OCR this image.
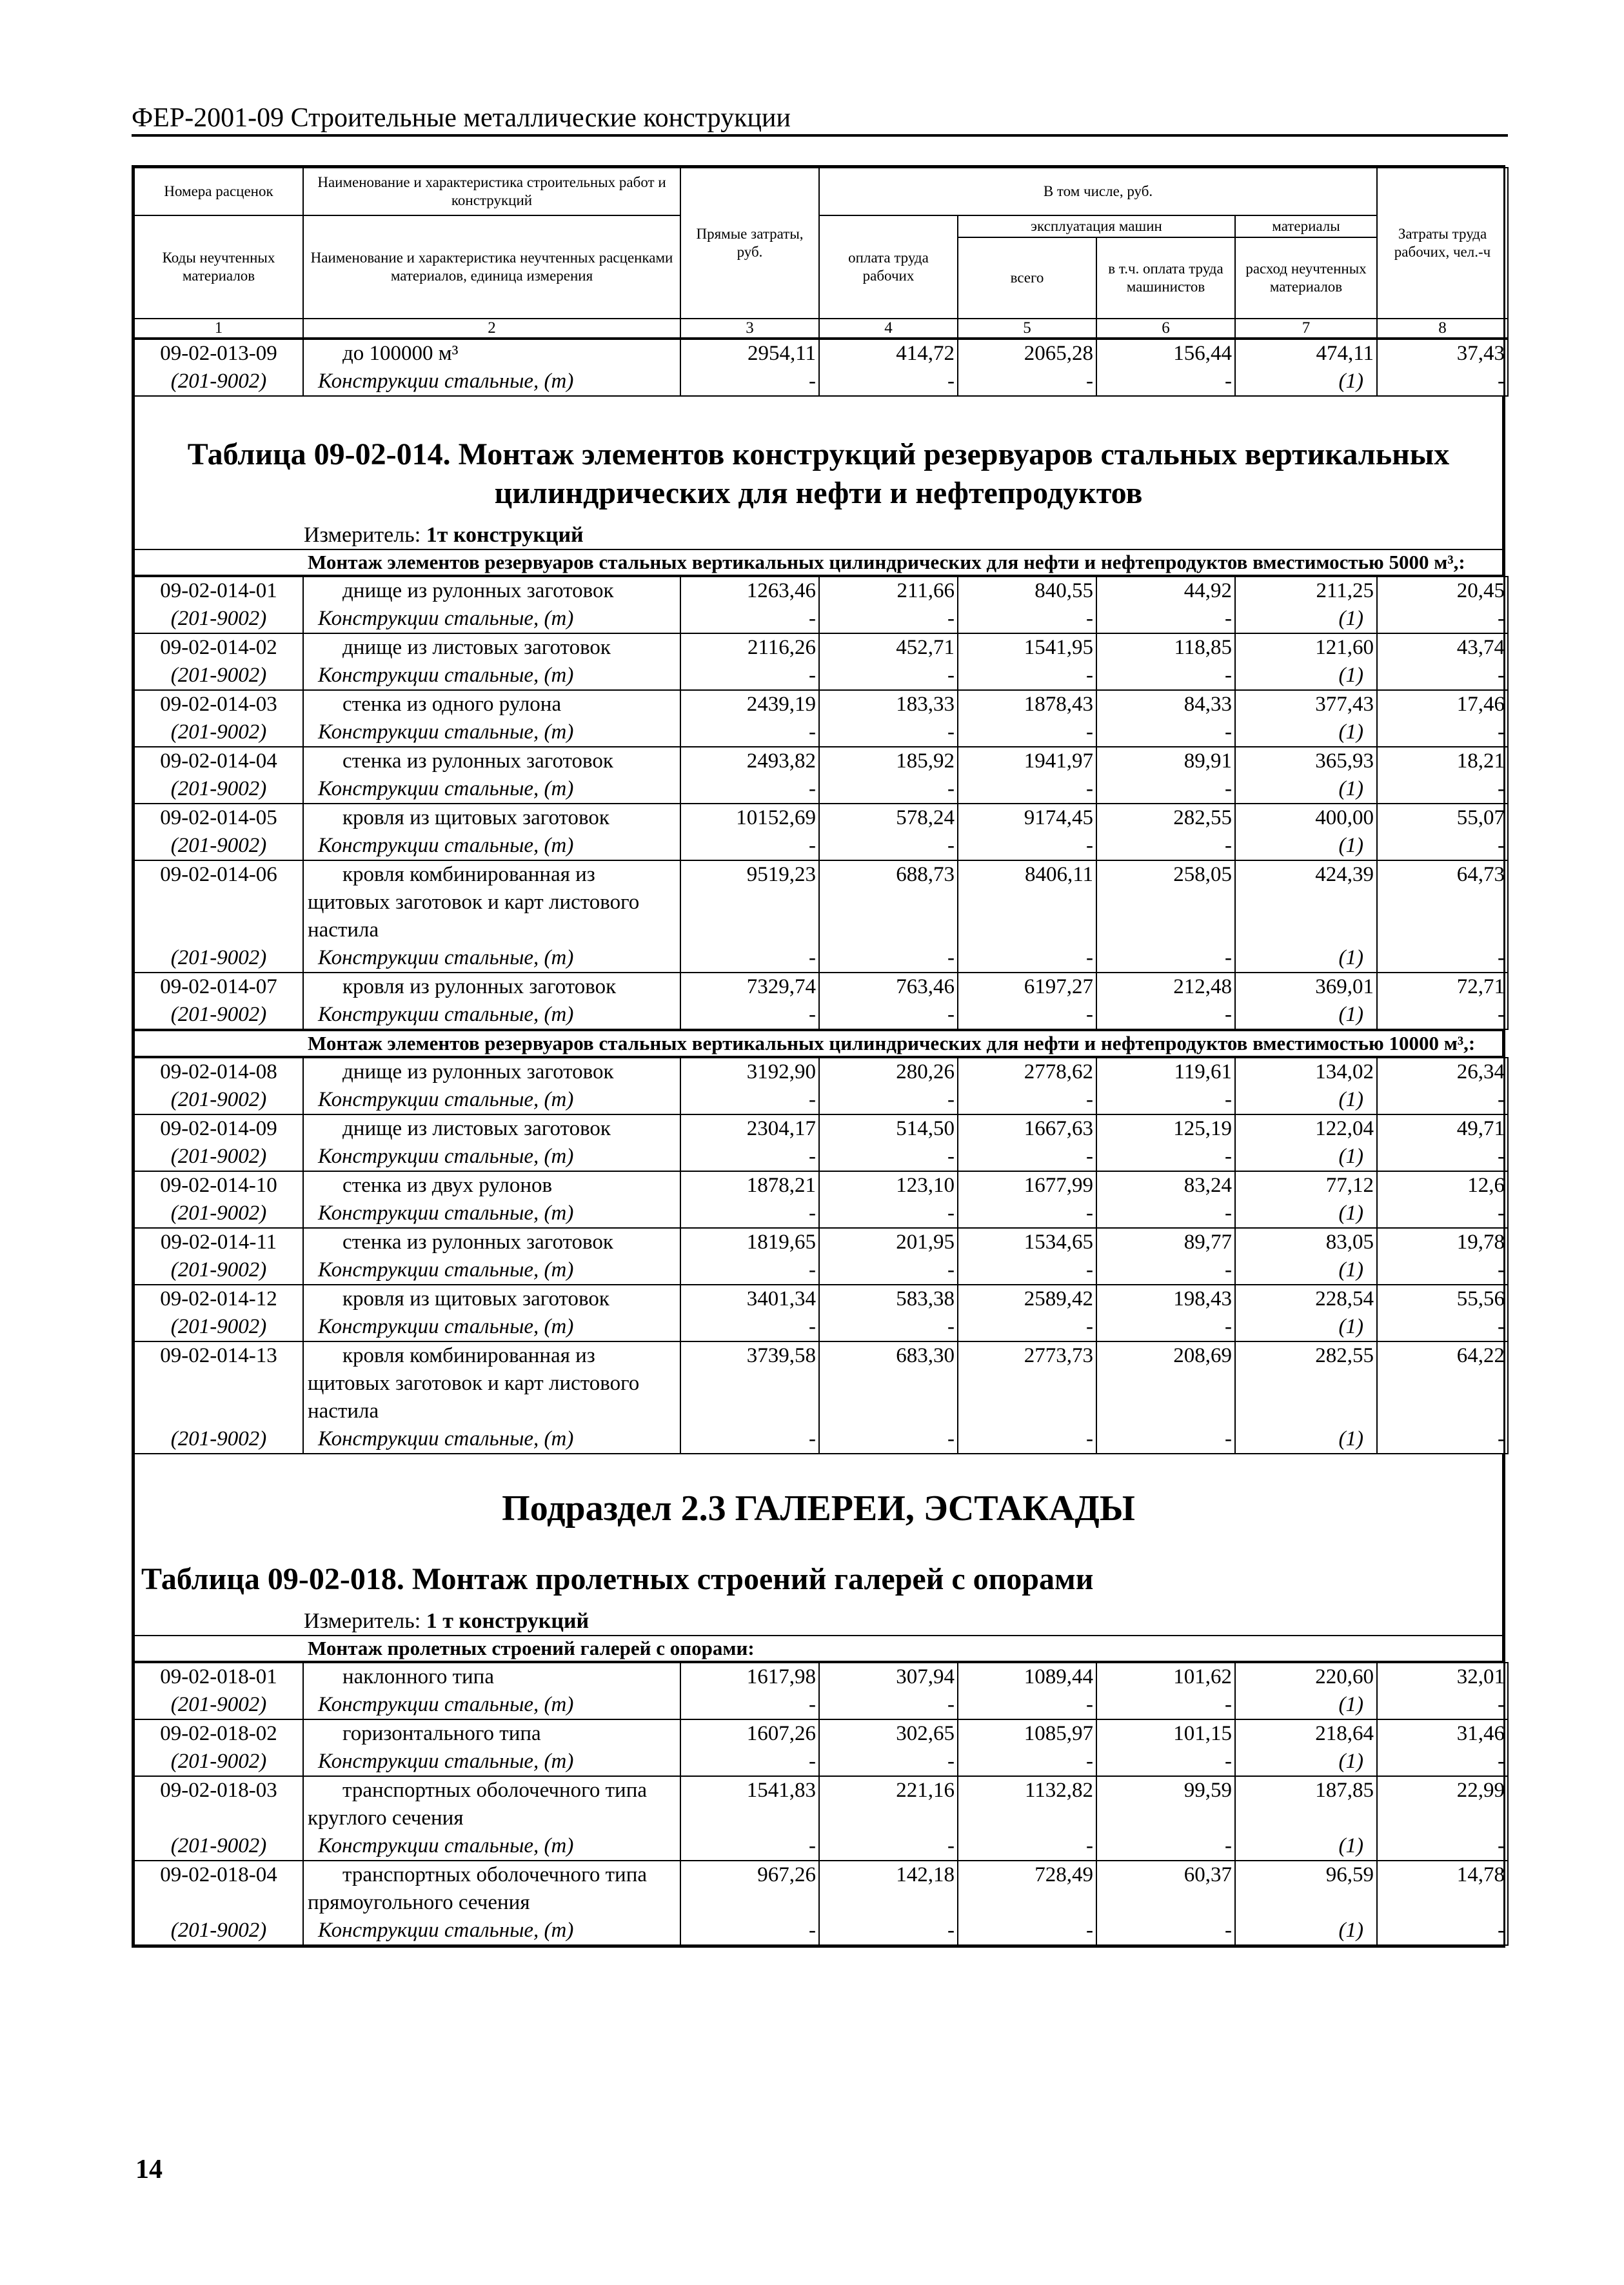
ФЕР-2001-09 Строительные металлические конструкции
Номера расценок	Наименование и характеристика строительных работ и конструкций	Прямые затраты, руб.	В том числе, руб.				Затраты труда рабочих, чел.-ч
Коды неучтенных материалов	Наименование и характеристика неучтенных расценками материалов, единица измерения		оплата труда рабочих	эксплуатация машин		материалы	
				всего	в т.ч. оплата труда машинистов	расход неучтенных материалов	
1	2	3	4	5	6	7	8
09-02-013-09	до 100000 м³	2954,11	414,72	2065,28	156,44	474,11	37,43
(201-9002)	Конструкции стальные, (т)	-	-	-	-	(1)	-
Таблица 09-02-014. Монтаж элементов конструкций резервуаров стальных вертикальных
цилиндрических для нефти и нефтепродуктов
Измеритель: 1т конструкций
Монтаж элементов резервуаров стальных вертикальных цилиндрических для нефти и нефтепродуктов вместимостью 5000 м³,:
09-02-014-01	днище из рулонных заготовок	1263,46	211,66	840,55	44,92	211,25	20,45
(201-9002)	Конструкции стальные, (т)	-	-	-	-	(1)	-
09-02-014-02	днище из листовых заготовок	2116,26	452,71	1541,95	118,85	121,60	43,74
(201-9002)	Конструкции стальные, (т)	-	-	-	-	(1)	-
09-02-014-03	стенка из одного рулона	2439,19	183,33	1878,43	84,33	377,43	17,46
(201-9002)	Конструкции стальные, (т)	-	-	-	-	(1)	-
09-02-014-04	стенка из рулонных заготовок	2493,82	185,92	1941,97	89,91	365,93	18,21
(201-9002)	Конструкции стальные, (т)	-	-	-	-	(1)	-
09-02-014-05	кровля из щитовых заготовок	10152,69	578,24	9174,45	282,55	400,00	55,07
(201-9002)	Конструкции стальные, (т)	-	-	-	-	(1)	-
09-02-014-06	кровля комбинированная из щитовых заготовок и карт листового настила	9519,23	688,73	8406,11	258,05	424,39	64,73
(201-9002)	Конструкции стальные, (т)	-	-	-	-	(1)	-
09-02-014-07	кровля из рулонных заготовок	7329,74	763,46	6197,27	212,48	369,01	72,71
(201-9002)	Конструкции стальные, (т)	-	-	-	-	(1)	-
Монтаж элементов резервуаров стальных вертикальных цилиндрических для нефти и нефтепродуктов вместимостью 10000 м³,:
09-02-014-08	днище из рулонных заготовок	3192,90	280,26	2778,62	119,61	134,02	26,34
(201-9002)	Конструкции стальные, (т)	-	-	-	-	(1)	-
09-02-014-09	днище из листовых заготовок	2304,17	514,50	1667,63	125,19	122,04	49,71
(201-9002)	Конструкции стальные, (т)	-	-	-	-	(1)	-
09-02-014-10	стенка из двух рулонов	1878,21	123,10	1677,99	83,24	77,12	12,6
(201-9002)	Конструкции стальные, (т)	-	-	-	-	(1)	-
09-02-014-11	стенка из рулонных заготовок	1819,65	201,95	1534,65	89,77	83,05	19,78
(201-9002)	Конструкции стальные, (т)	-	-	-	-	(1)	-
09-02-014-12	кровля из щитовых заготовок	3401,34	583,38	2589,42	198,43	228,54	55,56
(201-9002)	Конструкции стальные, (т)	-	-	-	-	(1)	-
09-02-014-13	кровля комбинированная из щитовых заготовок и карт листового настила	3739,58	683,30	2773,73	208,69	282,55	64,22
(201-9002)	Конструкции стальные, (т)	-	-	-	-	(1)	-
Подраздел 2.3 ГАЛЕРЕИ, ЭСТАКАДЫ
Таблица 09-02-018. Монтаж пролетных строений галерей с опорами
Измеритель: 1 т конструкций
Монтаж пролетных строений галерей с опорами:
09-02-018-01	наклонного типа	1617,98	307,94	1089,44	101,62	220,60	32,01
(201-9002)	Конструкции стальные, (т)	-	-	-	-	(1)	-
09-02-018-02	горизонтального типа	1607,26	302,65	1085,97	101,15	218,64	31,46
(201-9002)	Конструкции стальные, (т)	-	-	-	-	(1)	-
09-02-018-03	транспортных оболочечного типа круглого сечения	1541,83	221,16	1132,82	99,59	187,85	22,99
(201-9002)	Конструкции стальные, (т)	-	-	-	-	(1)	-
09-02-018-04	транспортных оболочечного типа прямоугольного сечения	967,26	142,18	728,49	60,37	96,59	14,78
(201-9002)	Конструкции стальные, (т)	-	-	-	-	(1)	-
14
